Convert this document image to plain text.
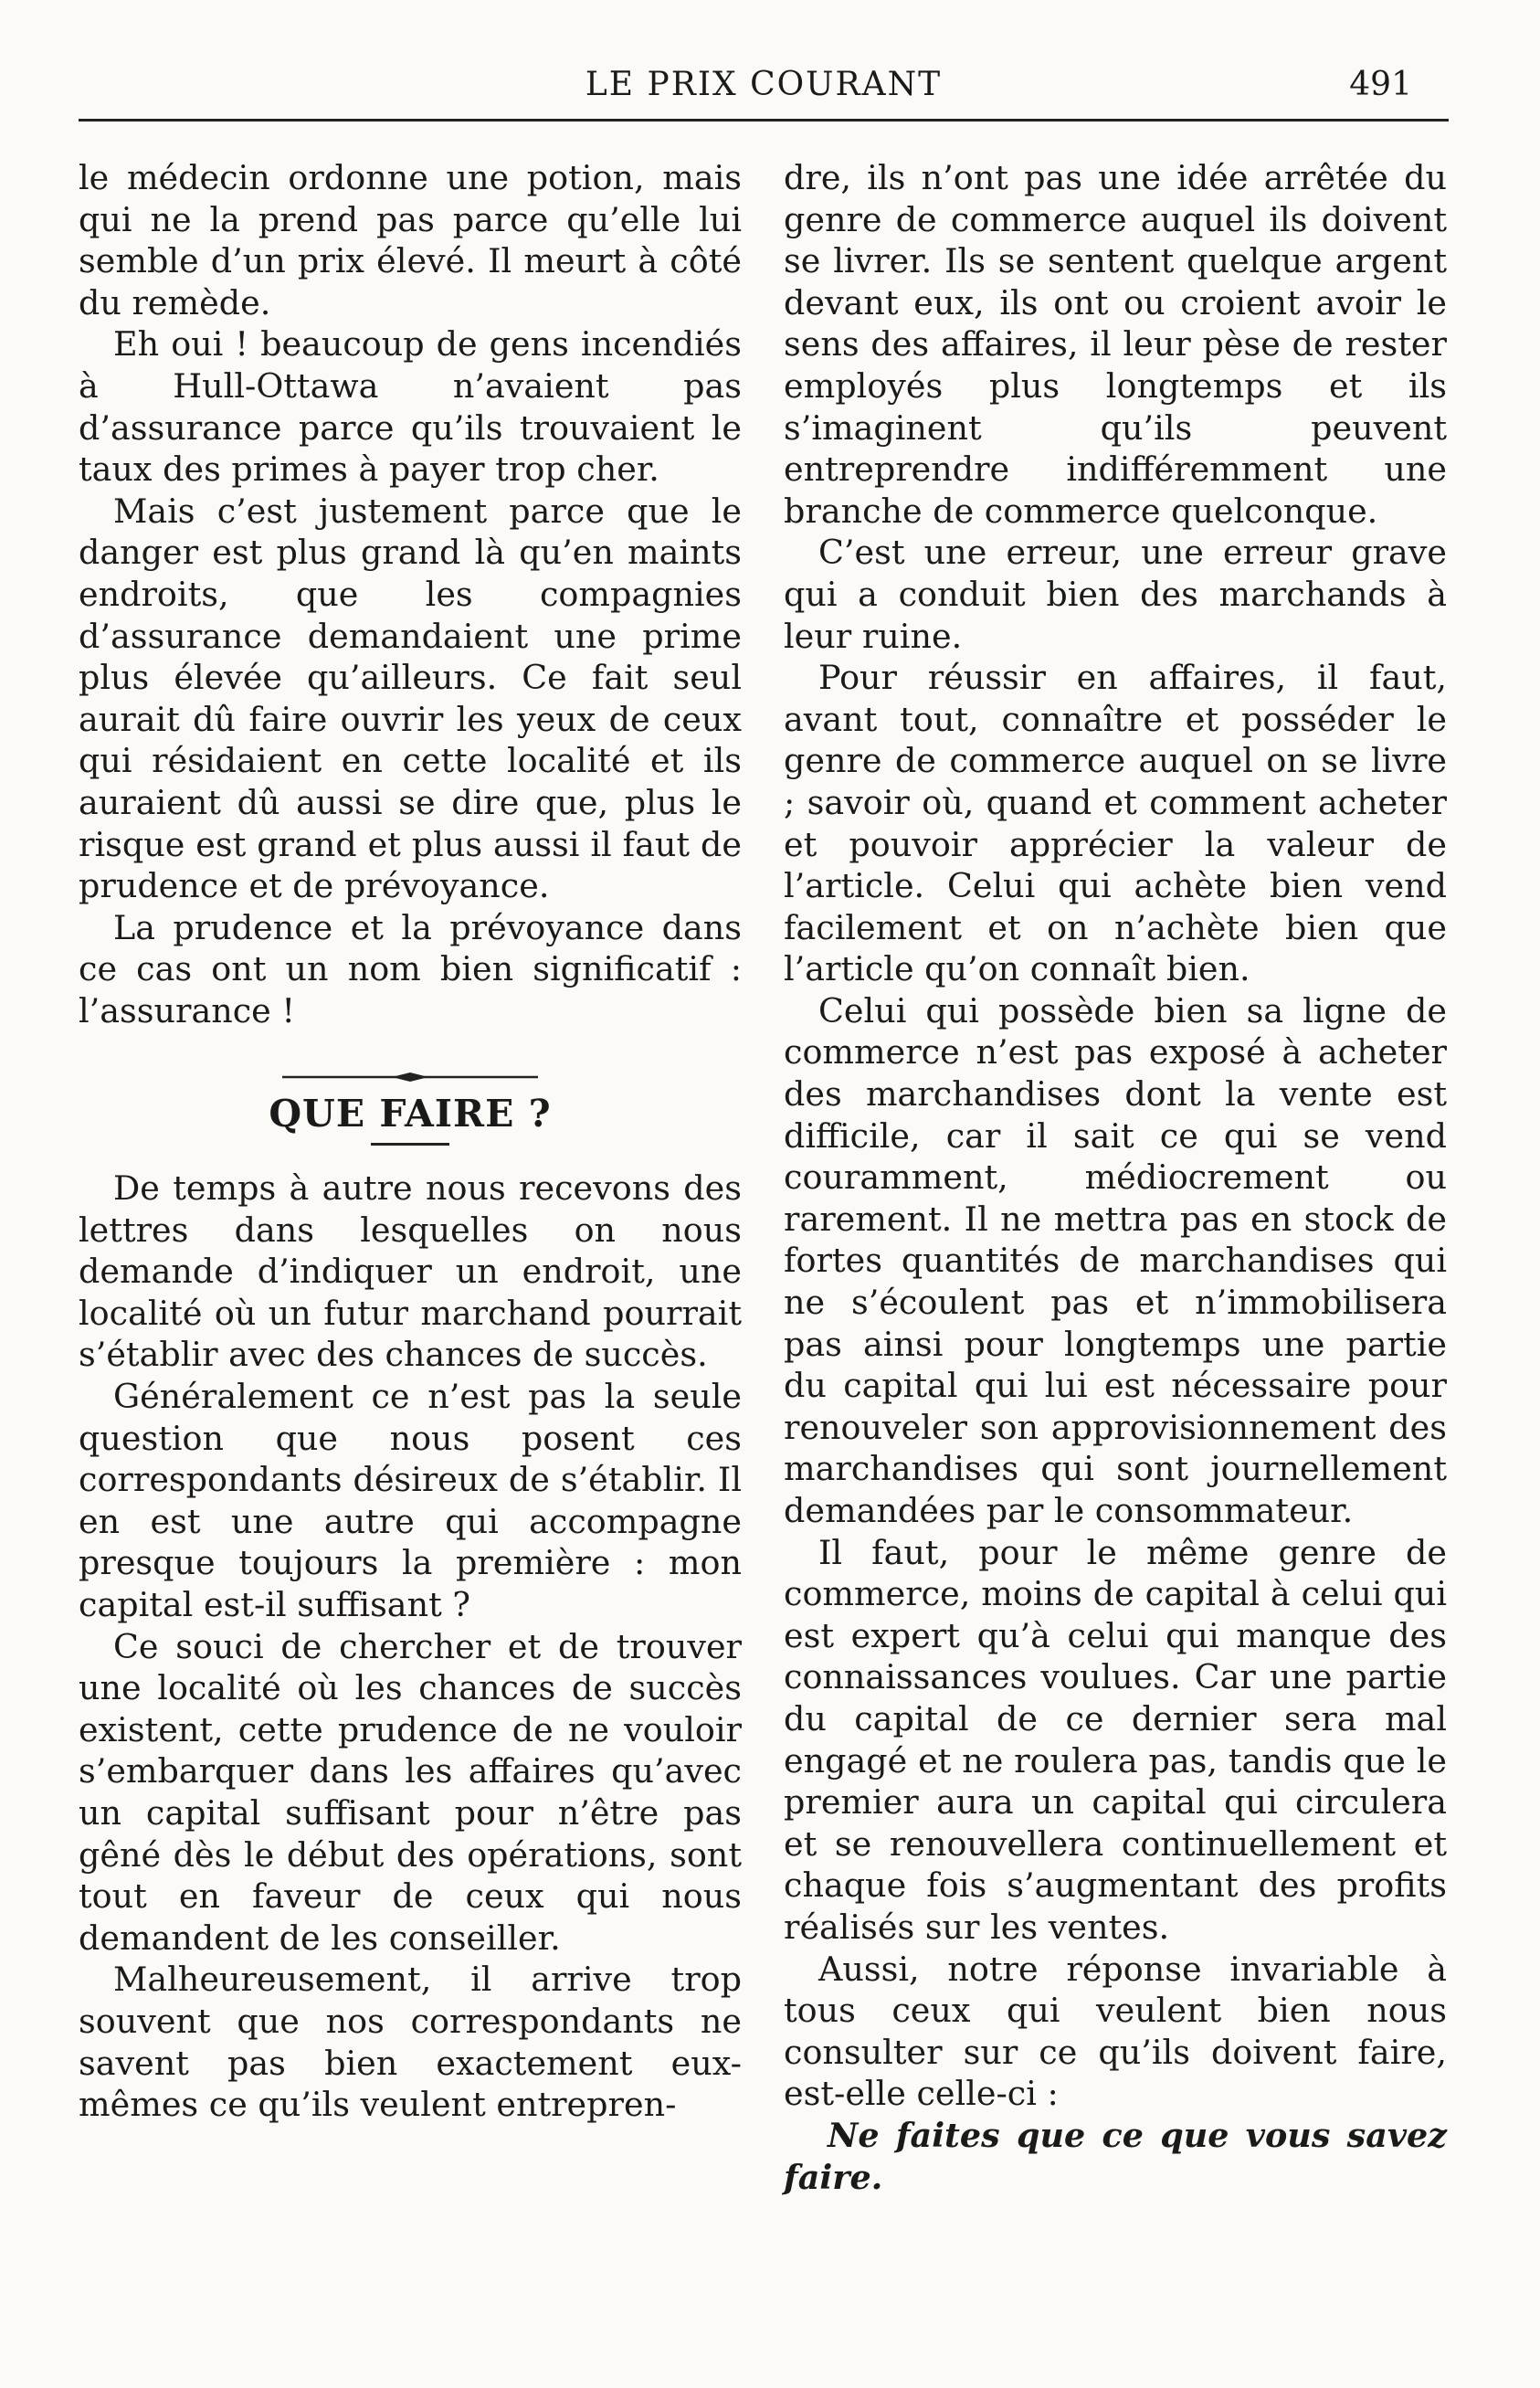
LE PRIX COURANT	491

le médecin ordonne une potion, mais qui ne la prend pas parce qu’elle lui semble d’un prix élevé. Il meurt à côté du remède.

Eh oui ! beaucoup de gens incendiés à Hull-Ottawa n’avaient pas d’assurance parce qu’ils trouvaient le taux des primes à payer trop cher.

Mais c’est justement parce que le danger est plus grand là qu’en maints endroits, que les compagnies d’assurance demandaient une prime plus élevée qu’ailleurs. Ce fait seul aurait dû faire ouvrir les yeux de ceux qui résidaient en cette localité et ils auraient dû aussi se dire que, plus le risque est grand et plus aussi il faut de prudence et de prévoyance.

La prudence et la prévoyance dans ce cas ont un nom bien significatif : l’assurance !

QUE FAIRE ?

De temps à autre nous recevons des lettres dans lesquelles on nous demande d’indiquer un endroit, une localité où un futur marchand pourrait s’établir avec des chances de succès.

Généralement ce n’est pas la seule question que nous posent ces correspondants désireux de s’établir. Il en est une autre qui accompagne presque toujours la première : mon capital est-il suffisant ?

Ce souci de chercher et de trouver une localité où les chances de succès existent, cette prudence de ne vouloir s’embarquer dans les affaires qu’avec un capital suffisant pour n’être pas gêné dès le début des opérations, sont tout en faveur de ceux qui nous demandent de les conseiller.

Malheureusement, il arrive trop souvent que nos correspondants ne savent pas bien exactement eux-mêmes ce qu’ils veulent entrepren-

dre, ils n’ont pas une idée arrêtée du genre de commerce auquel ils doivent se livrer. Ils se sentent quelque argent devant eux, ils ont ou croient avoir le sens des affaires, il leur pèse de rester employés plus longtemps et ils s’imaginent qu’ils peuvent entreprendre indifféremment une branche de commerce quelconque.

C’est une erreur, une erreur grave qui a conduit bien des marchands à leur ruine.

Pour réussir en affaires, il faut, avant tout, connaître et posséder le genre de commerce auquel on se livre ; savoir où, quand et comment acheter et pouvoir apprécier la valeur de l’article. Celui qui achète bien vend facilement et on n’achète bien que l’article qu’on connaît bien.

Celui qui possède bien sa ligne de commerce n’est pas exposé à acheter des marchandises dont la vente est difficile, car il sait ce qui se vend couramment, médiocrement ou rarement. Il ne mettra pas en stock de fortes quantités de marchandises qui ne s’écoulent pas et n’immobilisera pas ainsi pour longtemps une partie du capital qui lui est nécessaire pour renouveler son approvisionnement des marchandises qui sont journellement demandées par le consommateur.

Il faut, pour le même genre de commerce, moins de capital à celui qui est expert qu’à celui qui manque des connaissances voulues. Car une partie du capital de ce dernier sera mal engagé et ne roulera pas, tandis que le premier aura un capital qui circulera et se renouvellera continuellement et chaque fois s’augmentant des profits réalisés sur les ventes.

Aussi, notre réponse invariable à tous ceux qui veulent bien nous consulter sur ce qu’ils doivent faire, est-elle celle-ci :

Ne faites que ce que vous savez faire.
